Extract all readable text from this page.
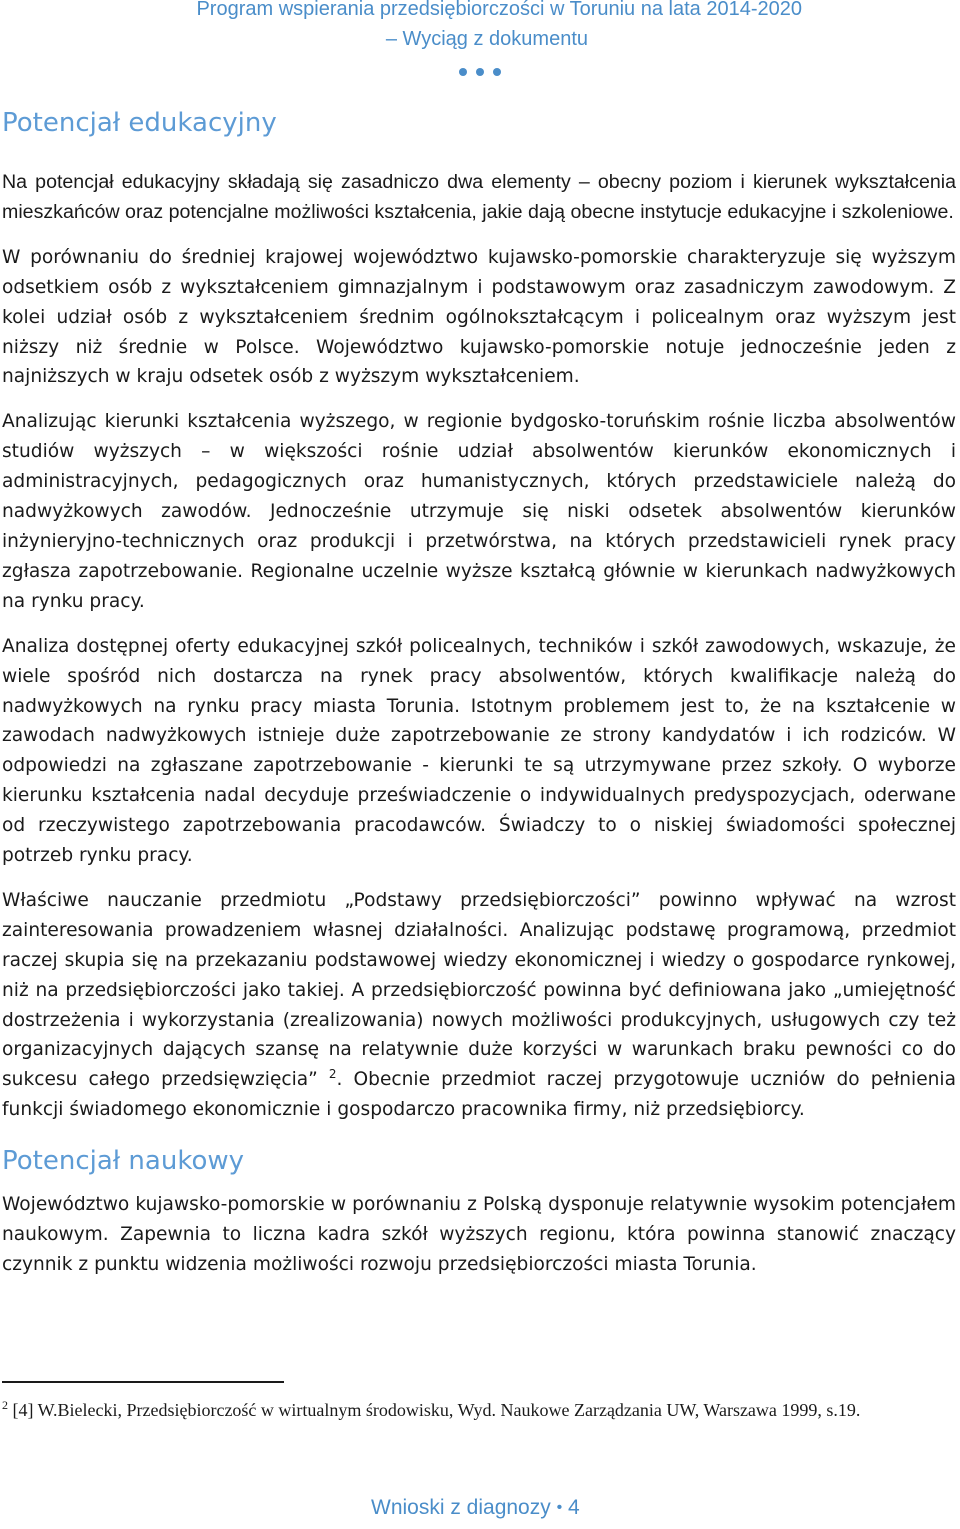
Program wspierania przedsiębiorczości w Toruniu na lata 2014-2020
– Wyciąg z dokumentu
Potencjał edukacyjny

Na potencjał edukacyjny składają się zasadniczo dwa elementy – obecny poziom i kierunek wykształcenia mieszkańców oraz potencjalne możliwości kształcenia, jakie dają obecne instytucje edukacyjne i szkoleniowe.

W porównaniu do średniej krajowej województwo kujawsko-pomorskie charakteryzuje się wyższym odsetkiem osób z wykształceniem gimnazjalnym i podstawowym oraz zasadniczym zawodowym. Z kolei udział osób z wykształceniem średnim ogólnokształcącym i policealnym oraz wyższym jest niższy niż średnie w Polsce. Województwo kujawsko-pomorskie notuje jednocześnie jeden z najniższych w kraju odsetek osób z wyższym wykształceniem.

Analizując kierunki kształcenia wyższego, w regionie bydgosko-toruńskim rośnie liczba absolwentów studiów wyższych – w większości rośnie udział absolwentów kierunków ekonomicznych i administracyjnych, pedagogicznych oraz humanistycznych, których przedstawiciele należą do nadwyżkowych zawodów. Jednocześnie utrzymuje się niski odsetek absolwentów kierunków inżynieryjno-technicznych oraz produkcji i przetwórstwa, na których przedstawicieli rynek pracy zgłasza zapotrzebowanie. Regionalne uczelnie wyższe kształcą głównie w kierunkach nadwyżkowych na rynku pracy.

Analiza dostępnej oferty edukacyjnej szkół policealnych, techników i szkół zawodowych, wskazuje, że wiele spośród nich dostarcza na rynek pracy absolwentów, których kwalifikacje należą do nadwyżkowych na rynku pracy miasta Torunia. Istotnym problemem jest to, że na kształcenie w zawodach nadwyżkowych istnieje duże zapotrzebowanie ze strony kandydatów i ich rodziców. W odpowiedzi na zgłaszane zapotrzebowanie - kierunki te są utrzymywane przez szkoły. O wyborze kierunku kształcenia nadal decyduje przeświadczenie o indywidualnych predyspozycjach, oderwane od rzeczywistego zapotrzebowania pracodawców. Świadczy to o niskiej świadomości społecznej potrzeb rynku pracy.

Właściwe nauczanie przedmiotu „Podstawy przedsiębiorczości” powinno wpływać na wzrost zainteresowania prowadzeniem własnej działalności. Analizując podstawę programową, przedmiot raczej skupia się na przekazaniu podstawowej wiedzy ekonomicznej i wiedzy o gospodarce rynkowej, niż na przedsiębiorczości jako takiej. A przedsiębiorczość powinna być definiowana jako „umiejętność dostrzeżenia i wykorzystania (zrealizowania) nowych możliwości produkcyjnych, usługowych czy też organizacyjnych dających szansę na relatywnie duże korzyści w warunkach braku pewności co do sukcesu całego przedsięwzięcia” $^2$. Obecnie przedmiot raczej przygotowuje uczniów do pełnienia funkcji świadomego ekonomicznie i gospodarczo pracownika firmy, niż przedsiębiorcy.

Potencjał naukowy

Województwo kujawsko-pomorskie w porównaniu z Polską dysponuje relatywnie wysokim potencjałem naukowym. Zapewnia to liczna kadra szkół wyższych regionu, która powinna stanowić znaczący czynnik z punktu widzenia możliwości rozwoju przedsiębiorczości miasta Torunia.

$^2$ [4] W.Bielecki, Przedsiębiorczość w wirtualnym środowisku, Wyd. Naukowe Zarządzania UW, Warszawa 1999, s.19.
Wnioski z diagnozy • 4
